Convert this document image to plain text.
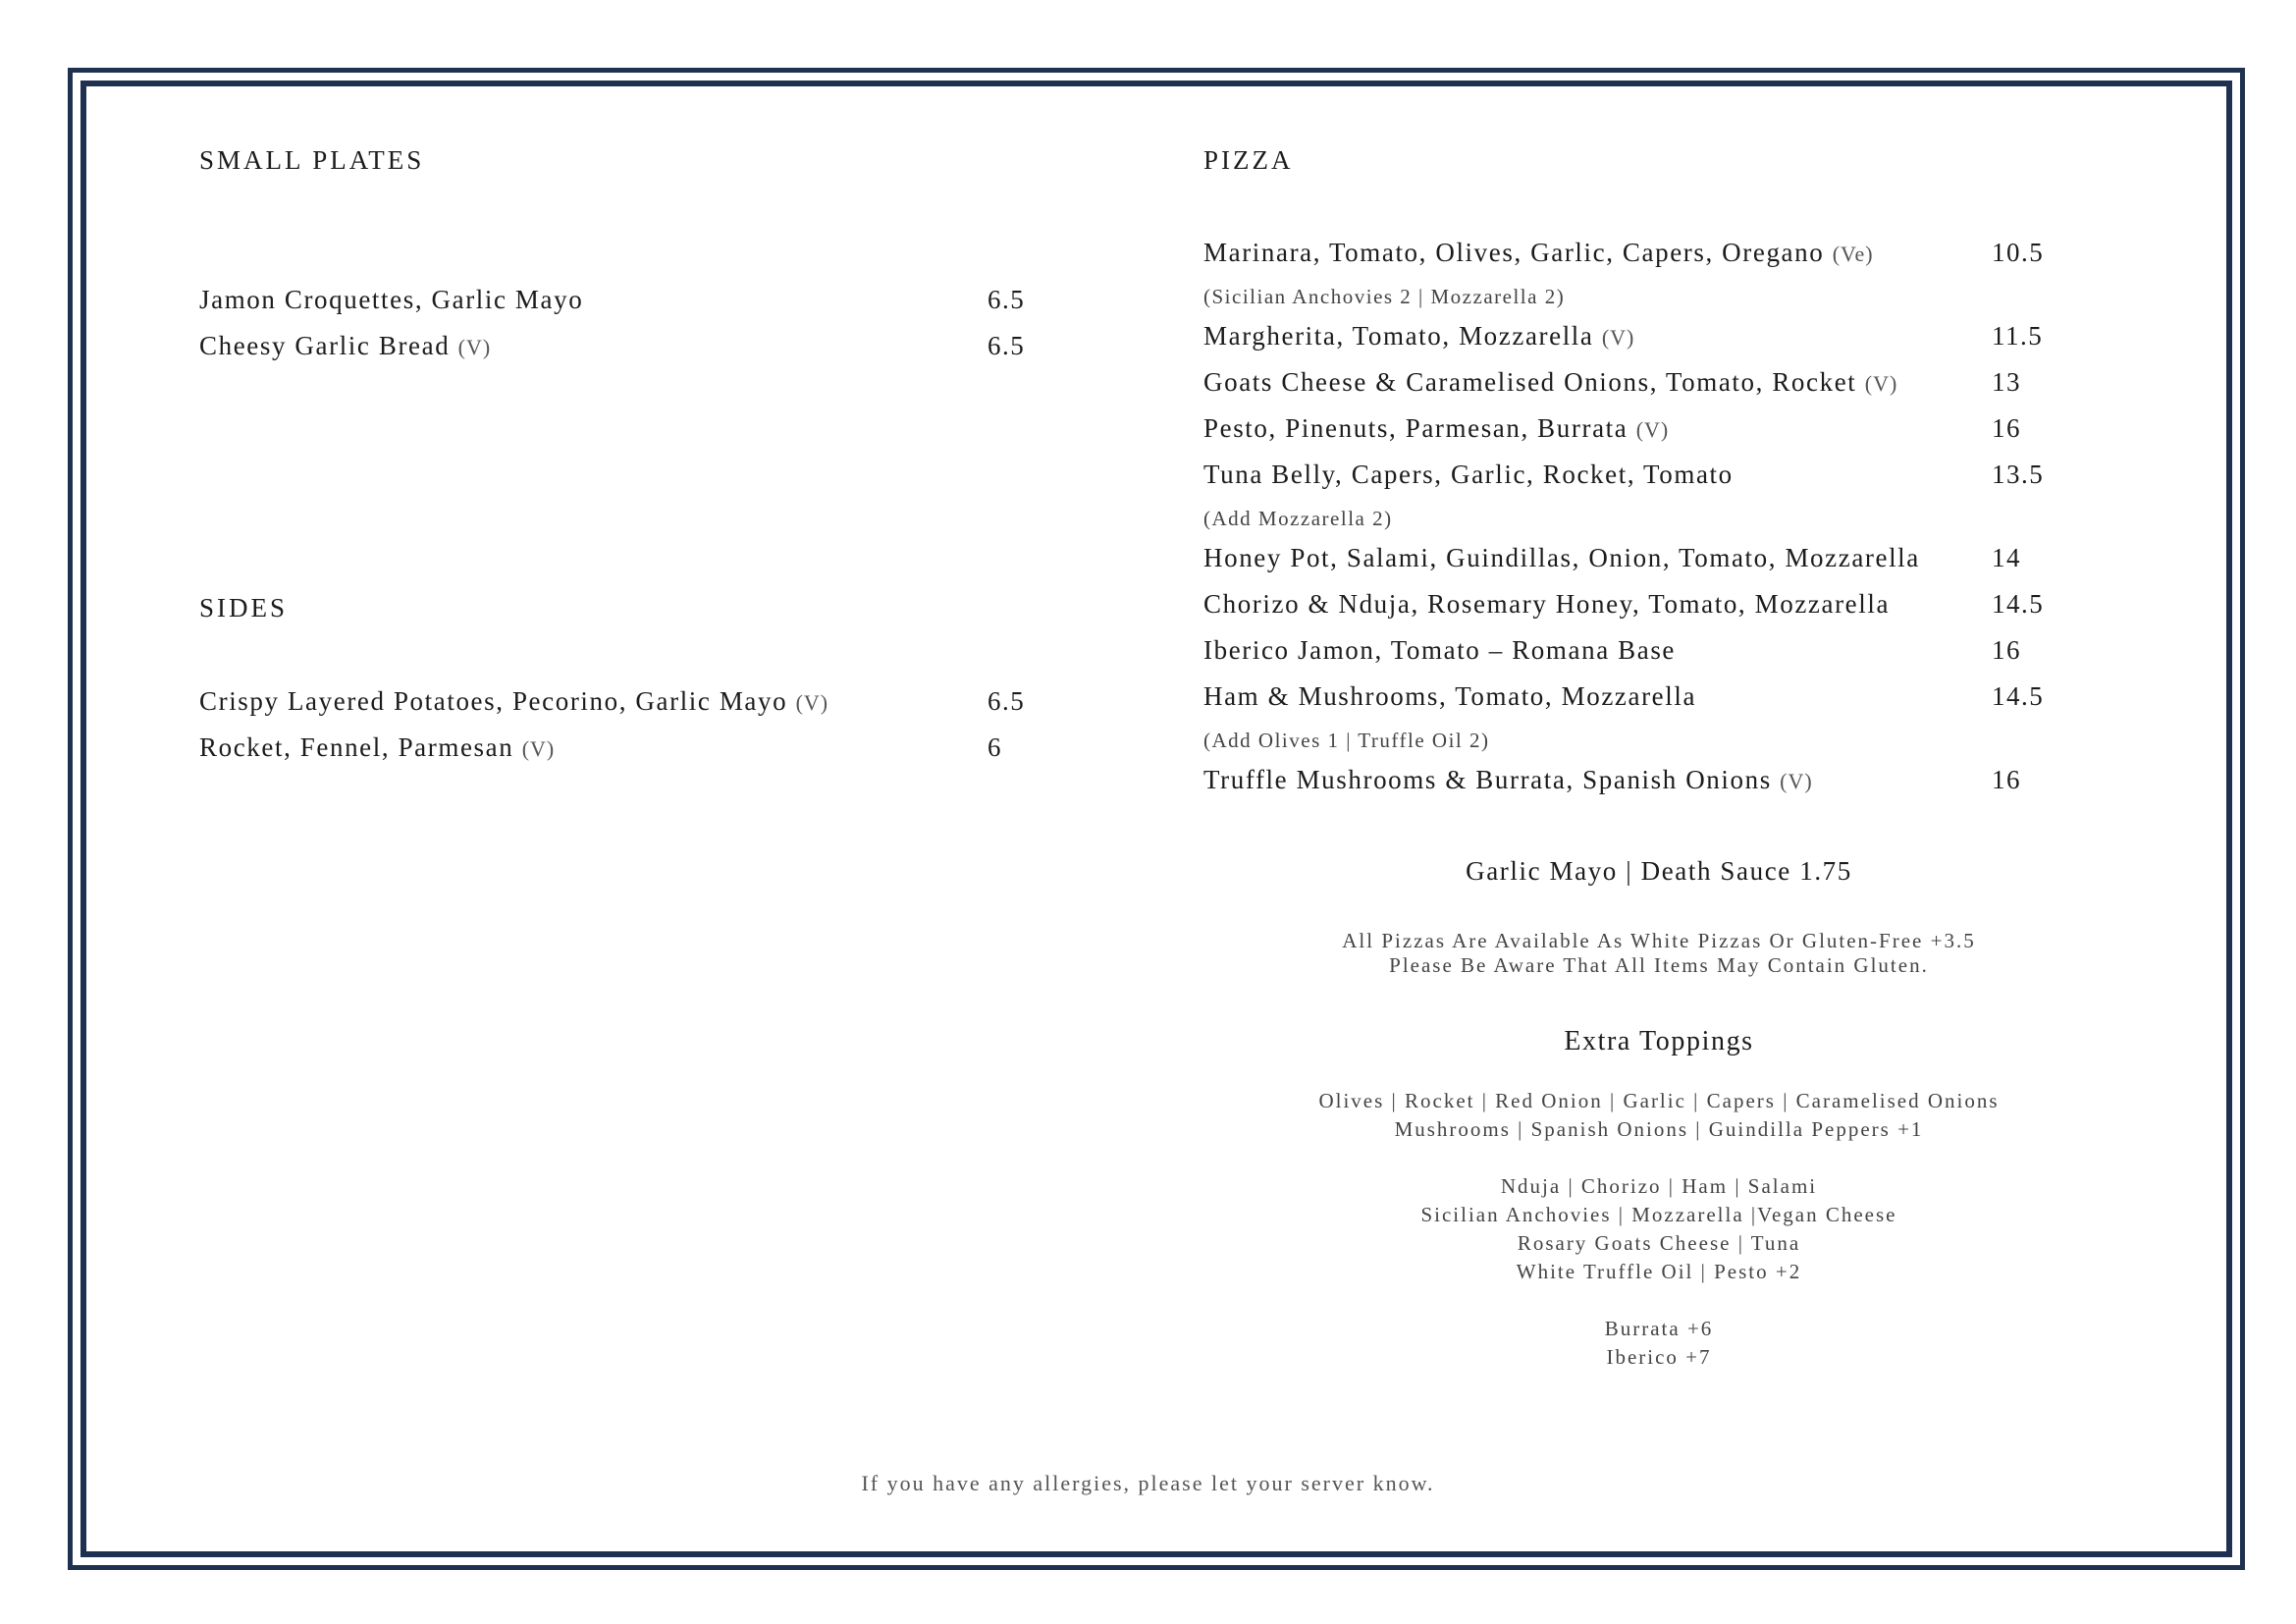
SMALL PLATES
Jamon Croquettes, Garlic Mayo	6.5
Cheesy Garlic Bread (V)	6.5
SIDES
Crispy Layered Potatoes, Pecorino, Garlic Mayo (V)	6.5
Rocket, Fennel, Parmesan (V)	6
PIZZA
Marinara, Tomato, Olives, Garlic, Capers, Oregano (Ve)	10.5
(Sicilian Anchovies 2 | Mozzarella 2)
Margherita, Tomato, Mozzarella (V)	11.5
Goats Cheese & Caramelised Onions, Tomato, Rocket (V)	13
Pesto, Pinenuts, Parmesan, Burrata (V)	16
Tuna Belly, Capers, Garlic, Rocket, Tomato	13.5
(Add Mozzarella 2)
Honey Pot, Salami, Guindillas, Onion, Tomato, Mozzarella	14
Chorizo & Nduja, Rosemary Honey, Tomato, Mozzarella	14.5
Iberico Jamon, Tomato – Romana Base	16
Ham & Mushrooms, Tomato, Mozzarella	14.5
(Add Olives 1 | Truffle Oil 2)
Truffle Mushrooms & Burrata, Spanish Onions (V)	16
Garlic Mayo | Death Sauce 1.75
All Pizzas Are Available As White Pizzas Or Gluten-Free +3.5
Please Be Aware That All Items May Contain Gluten.
Extra Toppings
Olives | Rocket | Red Onion | Garlic | Capers | Caramelised Onions
Mushrooms | Spanish Onions | Guindilla Peppers +1
Nduja | Chorizo | Ham | Salami
Sicilian Anchovies | Mozzarella |Vegan Cheese
Rosary Goats Cheese | Tuna
White Truffle Oil | Pesto +2
Burrata +6
Iberico +7
If you have any allergies, please let your server know.
